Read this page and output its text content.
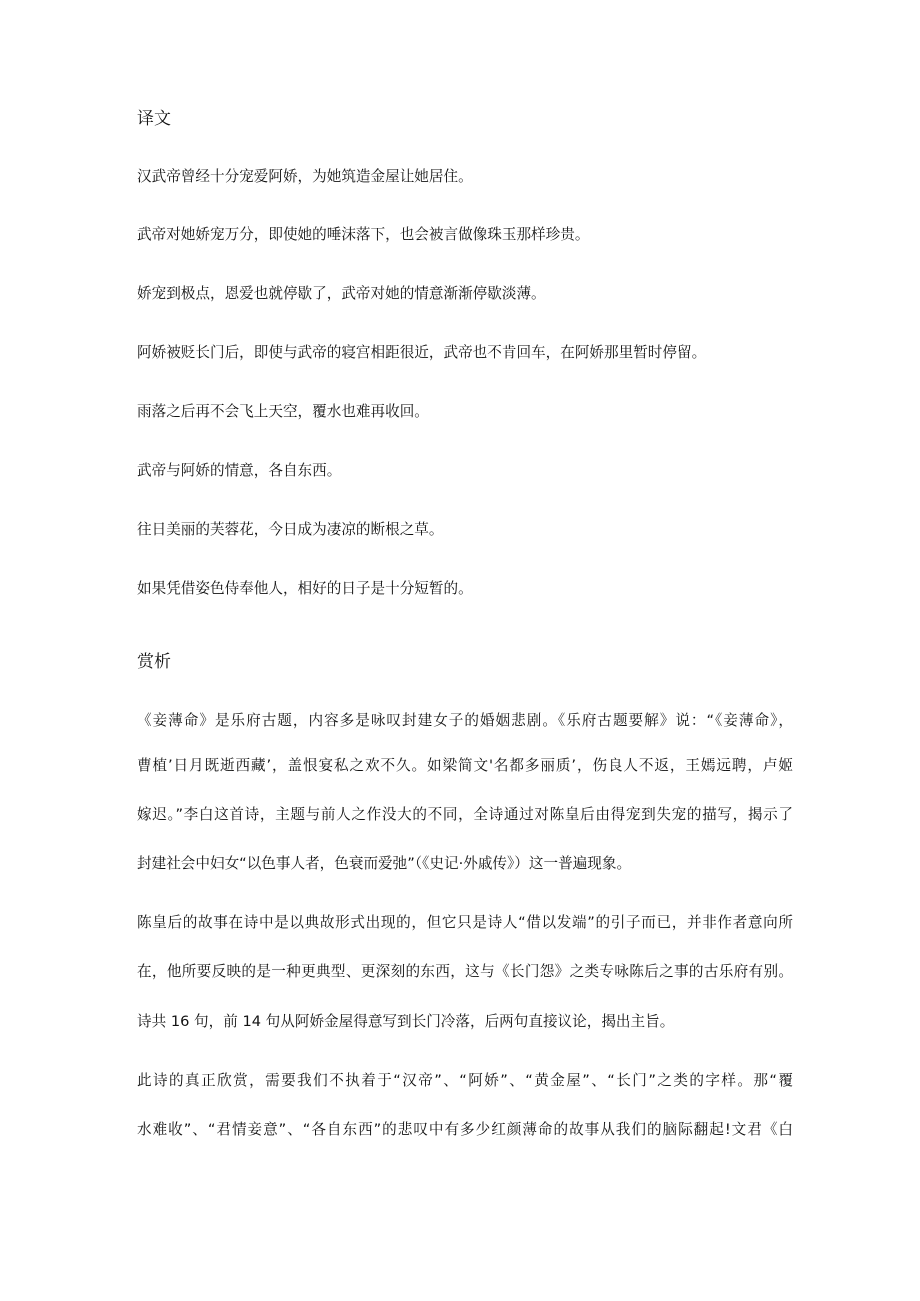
译文
汉武帝曾经十分宠爱阿娇，为她筑造金屋让她居住。
武帝对她娇宠万分，即使她的唾沫落下，也会被言做像珠玉那样珍贵。
娇宠到极点，恩爱也就停歇了，武帝对她的情意渐渐停歇淡薄。
阿娇被贬长门后，即使与武帝的寝宫相距很近，武帝也不肯回车，在阿娇那里暂时停留。
雨落之后再不会飞上天空，覆水也难再收回。
武帝与阿娇的情意，各自东西。
往日美丽的芙蓉花，今日成为凄凉的断根之草。
如果凭借姿色侍奉他人，相好的日子是十分短暂的。
赏析
《妾薄命》是乐府古题，内容多是咏叹封建女子的婚姻悲剧。《乐府古题要解》说：“《妾薄命》，
曹植’日月既逝西藏’，盖恨宴私之欢不久。如梁简文'名都多丽质’，伤良人不返，王嫣远聘，卢姬
嫁迟。”李白这首诗，主题与前人之作没大的不同，全诗通过对陈皇后由得宠到失宠的描写，揭示了
封建社会中妇女“以色事人者，色衰而爱弛”（《史记·外戚传》）这一普遍现象。
陈皇后的故事在诗中是以典故形式出现的，但它只是诗人“借以发端”的引子而已，并非作者意向所
在，他所要反映的是一种更典型、更深刻的东西，这与《长门怨》之类专咏陈后之事的古乐府有别。
诗共 16 句，前 14 句从阿娇金屋得意写到长门冷落，后两句直接议论，揭出主旨。
此诗的真正欣赏，需要我们不执着于“汉帝”、“阿娇”、“黄金屋”、“长门”之类的字样。那“覆
水难收”、“君情妾意”、“各自东西”的悲叹中有多少红颜薄命的故事从我们的脑际翻起!文君《白
